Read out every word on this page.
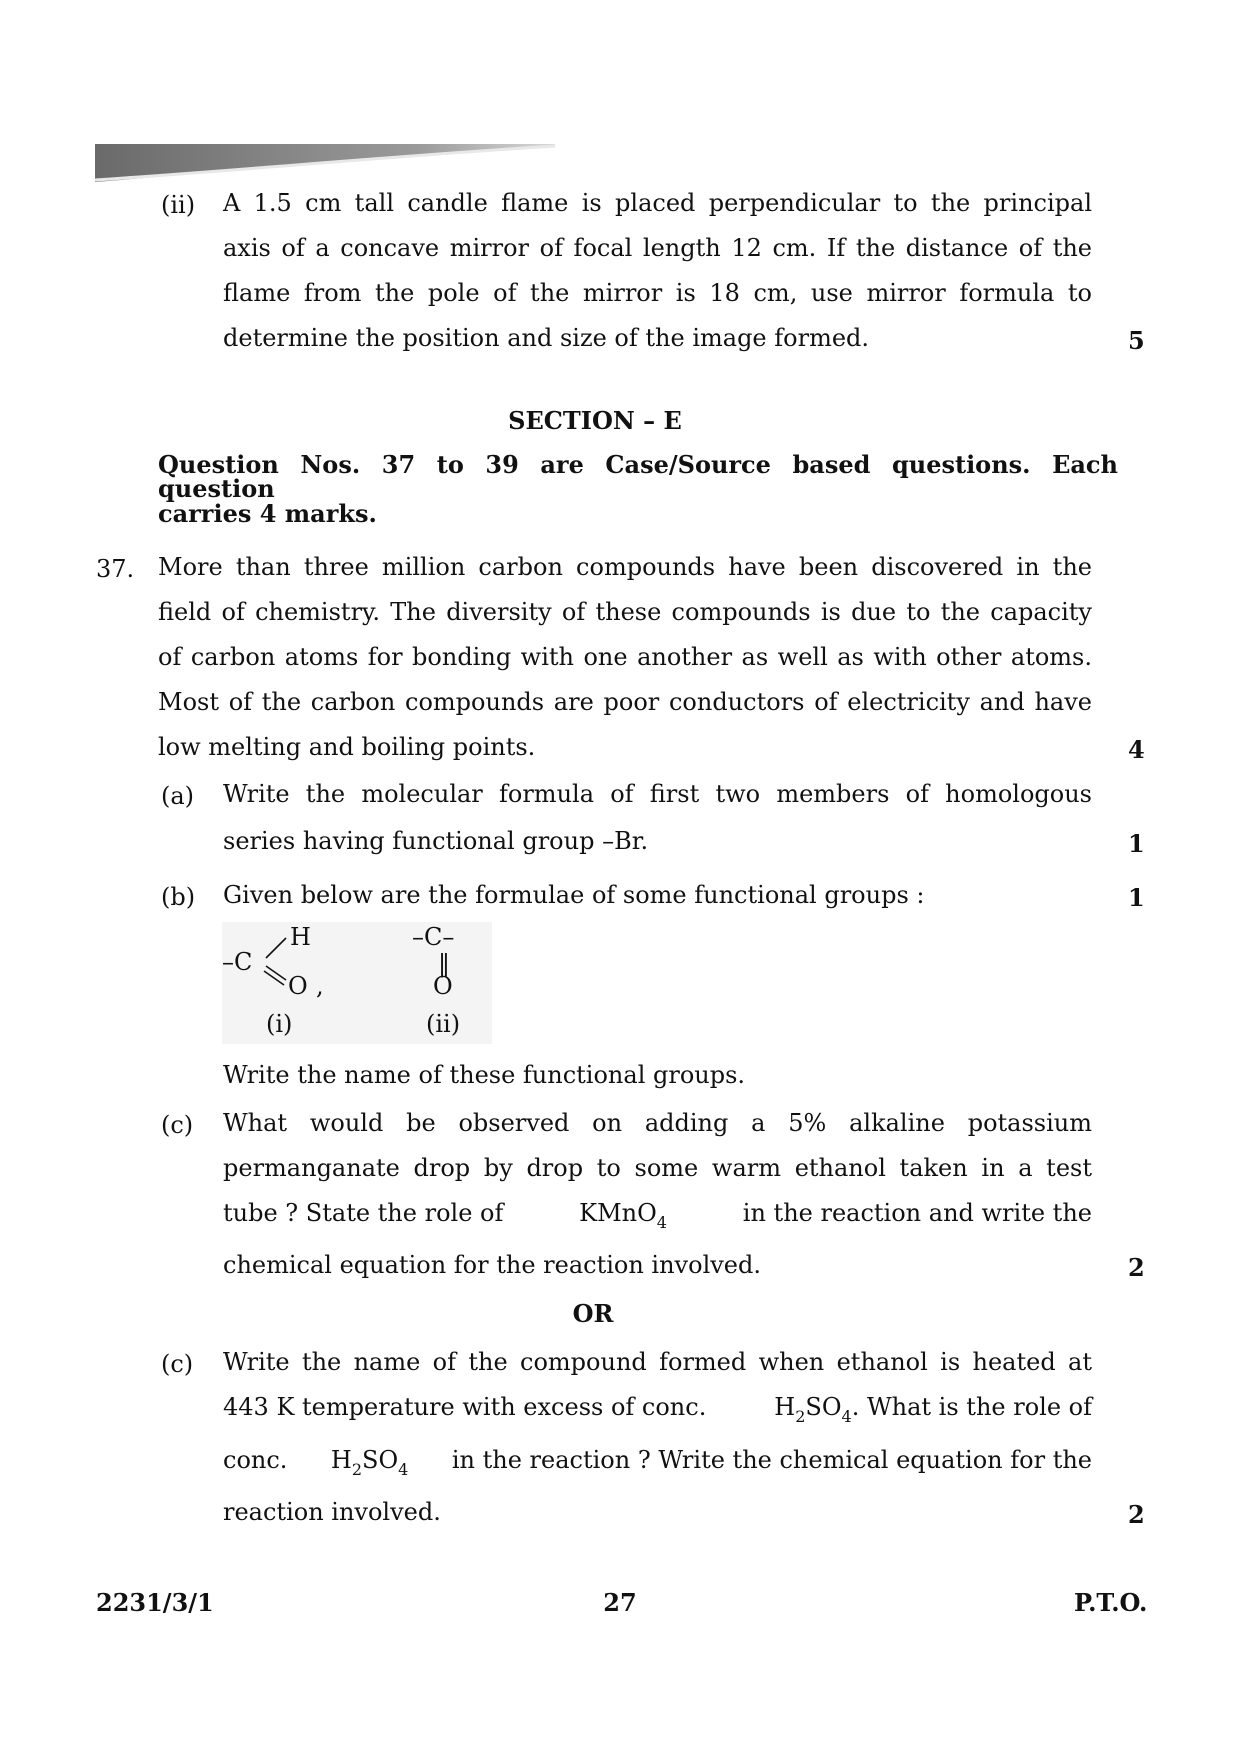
(ii) A 1.5 cm tall candle flame is placed perpendicular to the principal
axis of a concave mirror of focal length 12 cm. If the distance of the
flame from the pole of the mirror is 18 cm, use mirror formula to
determine the position and size of the image formed.	5
SECTION – E
Question Nos. 37 to 39 are Case/Source based questions. Each question
carries 4 marks.
37. More than three million carbon compounds have been discovered in the
field of chemistry. The diversity of these compounds is due to the capacity
of carbon atoms for bonding with one another as well as with other atoms.
Most of the carbon compounds are poor conductors of electricity and have
low melting and boiling points.	4
(a) Write the molecular formula of first two members of homologous
series having functional group –Br.	1
(b) Given below are the formulae of some functional groups :	1
H
–C
O ,
(i)
–C–
‖
O
(ii)
Write the name of these functional groups.
(c) What would be observed on adding a 5% alkaline potassium
permanganate drop by drop to some warm ethanol taken in a test
tube ? State the role of	KMnO$_4$	in the reaction and write the
chemical equation for the reaction involved.	2
OR
(c) Write the name of the compound formed when ethanol is heated at
443 K temperature with excess of conc.	$H_2SO_4$. What is the role of
conc. $H_2SO_4$ in the reaction ? Write the chemical equation for the
reaction involved.	2
2231/3/1	27	P.T.O.
